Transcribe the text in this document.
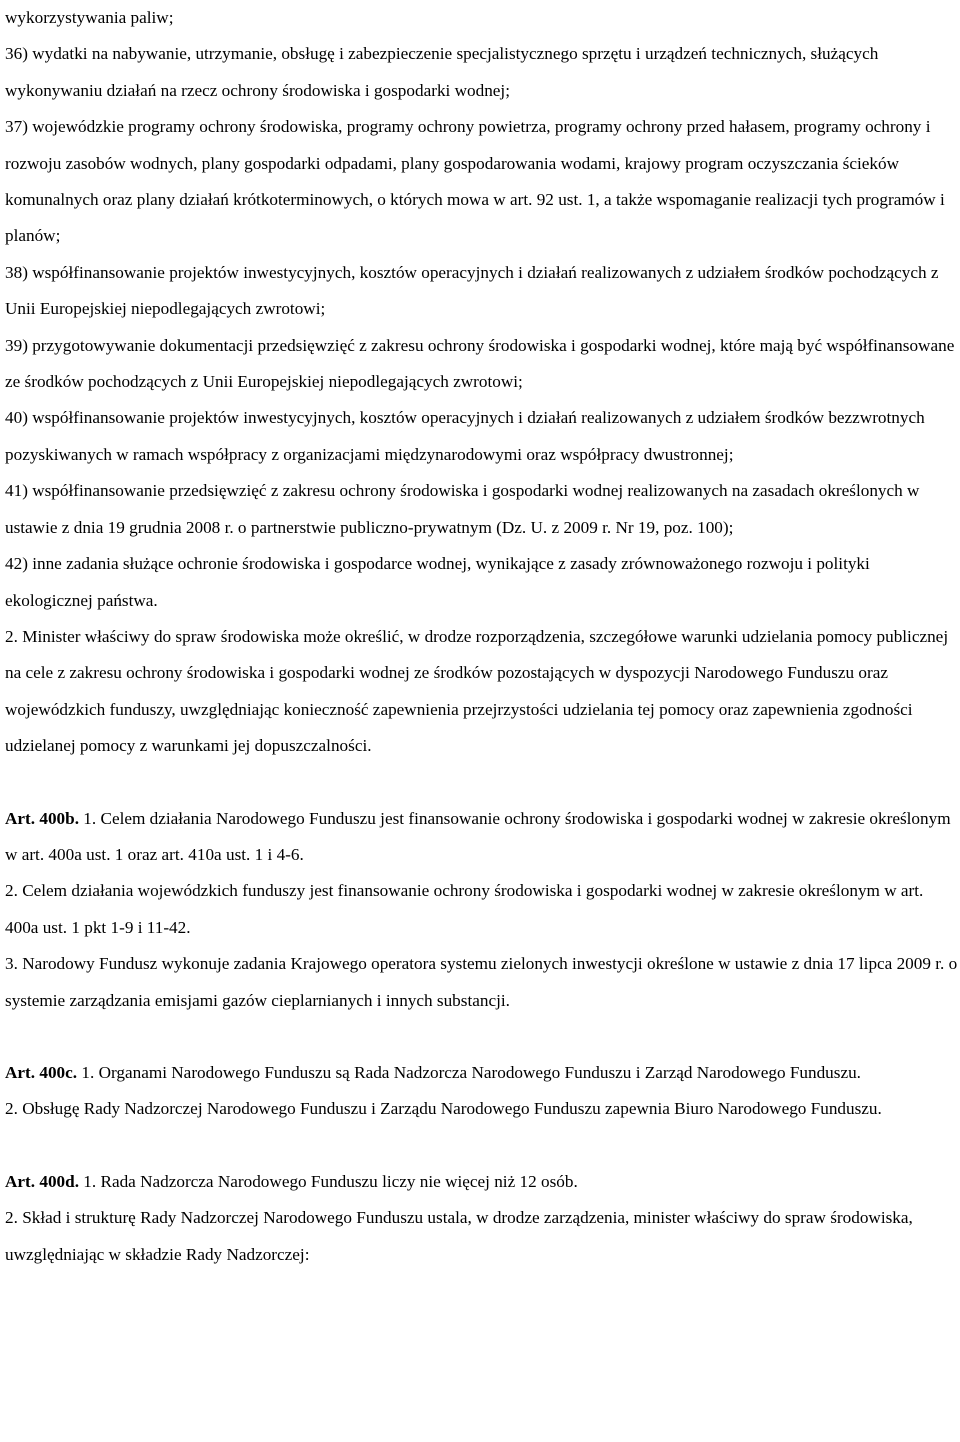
wykorzystywania paliw;

36) wydatki na nabywanie, utrzymanie, obsługę i zabezpieczenie specjalistycznego sprzętu i urządzeń technicznych, służących wykonywaniu działań na rzecz ochrony środowiska i gospodarki wodnej;

37) wojewódzkie programy ochrony środowiska, programy ochrony powietrza, programy ochrony przed hałasem, programy ochrony i rozwoju zasobów wodnych, plany gospodarki odpadami, plany gospodarowania wodami, krajowy program oczyszczania ścieków komunalnych oraz plany działań krótkoterminowych, o których mowa w art. 92 ust. 1, a także wspomaganie realizacji tych programów i planów;

38) współfinansowanie projektów inwestycyjnych, kosztów operacyjnych i działań realizowanych z udziałem środków pochodzących z Unii Europejskiej niepodlegających zwrotowi;

39) przygotowywanie dokumentacji przedsięwzięć z zakresu ochrony środowiska i gospodarki wodnej, które mają być współfinansowane ze środków pochodzących z Unii Europejskiej niepodlegających zwrotowi;

40) współfinansowanie projektów inwestycyjnych, kosztów operacyjnych i działań realizowanych z udziałem środków bezzwrotnych pozyskiwanych w ramach współpracy z organizacjami międzynarodowymi oraz współpracy dwustronnej;

41) współfinansowanie przedsięwzięć z zakresu ochrony środowiska i gospodarki wodnej realizowanych na zasadach określonych w ustawie z dnia 19 grudnia 2008 r. o partnerstwie publiczno-prywatnym (Dz. U. z 2009 r. Nr 19, poz. 100);

42) inne zadania służące ochronie środowiska i gospodarce wodnej, wynikające z zasady zrównoważonego rozwoju i polityki ekologicznej państwa.

2. Minister właściwy do spraw środowiska może określić, w drodze rozporządzenia, szczegółowe warunki udzielania pomocy publicznej na cele z zakresu ochrony środowiska i gospodarki wodnej ze środków pozostających w dyspozycji Narodowego Funduszu oraz wojewódzkich funduszy, uwzględniając konieczność zapewnienia przejrzystości udzielania tej pomocy oraz zapewnienia zgodności udzielanej pomocy z warunkami jej dopuszczalności.

Art. 400b. 1. Celem działania Narodowego Funduszu jest finansowanie ochrony środowiska i gospodarki wodnej w zakresie określonym w art. 400a ust. 1 oraz art. 410a ust. 1 i 4-6.

2. Celem działania wojewódzkich funduszy jest finansowanie ochrony środowiska i gospodarki wodnej w zakresie określonym w art. 400a ust. 1 pkt 1-9 i 11-42.

3. Narodowy Fundusz wykonuje zadania Krajowego operatora systemu zielonych inwestycji określone w ustawie z dnia 17 lipca 2009 r. o systemie zarządzania emisjami gazów cieplarnianych i innych substancji.

Art. 400c. 1. Organami Narodowego Funduszu są Rada Nadzorcza Narodowego Funduszu i Zarząd Narodowego Funduszu.

2. Obsługę Rady Nadzorczej Narodowego Funduszu i Zarządu Narodowego Funduszu zapewnia Biuro Narodowego Funduszu.

Art. 400d. 1. Rada Nadzorcza Narodowego Funduszu liczy nie więcej niż 12 osób.

2. Skład i strukturę Rady Nadzorczej Narodowego Funduszu ustala, w drodze zarządzenia, minister właściwy do spraw środowiska, uwzględniając w składzie Rady Nadzorczej:
